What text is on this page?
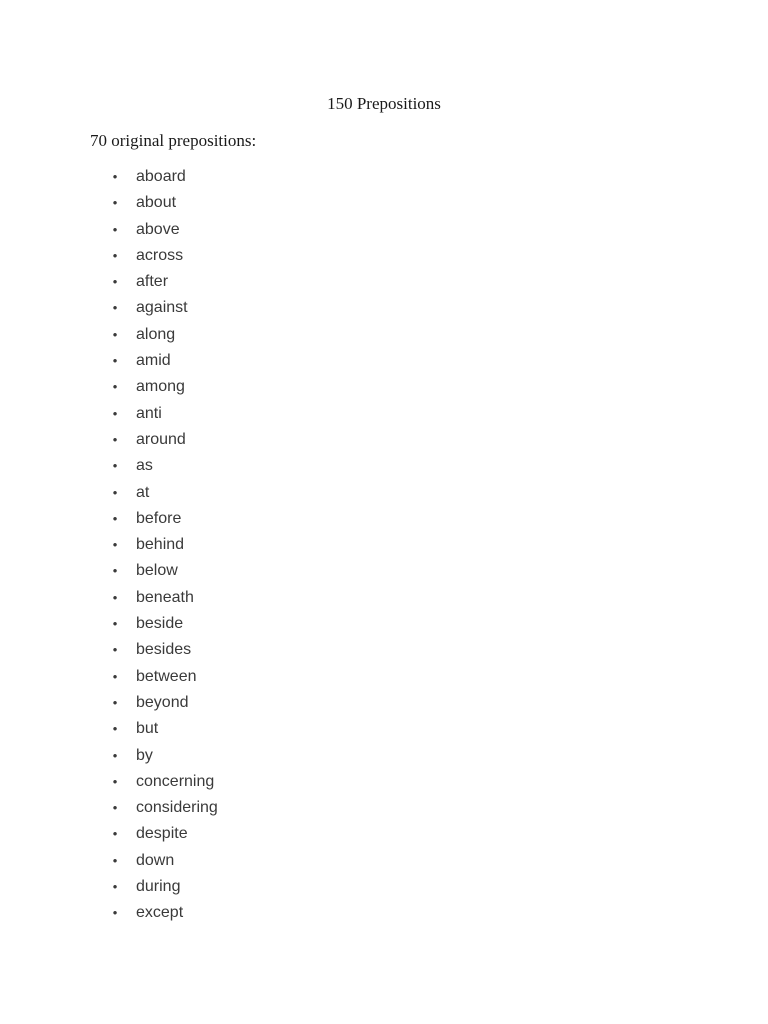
150 Prepositions

70 original prepositions:

• aboard
• about
• above
• across
• after
• against
• along
• amid
• among
• anti
• around
• as
• at
• before
• behind
• below
• beneath
• beside
• besides
• between
• beyond
• but
• by
• concerning
• considering
• despite
• down
• during
• except
